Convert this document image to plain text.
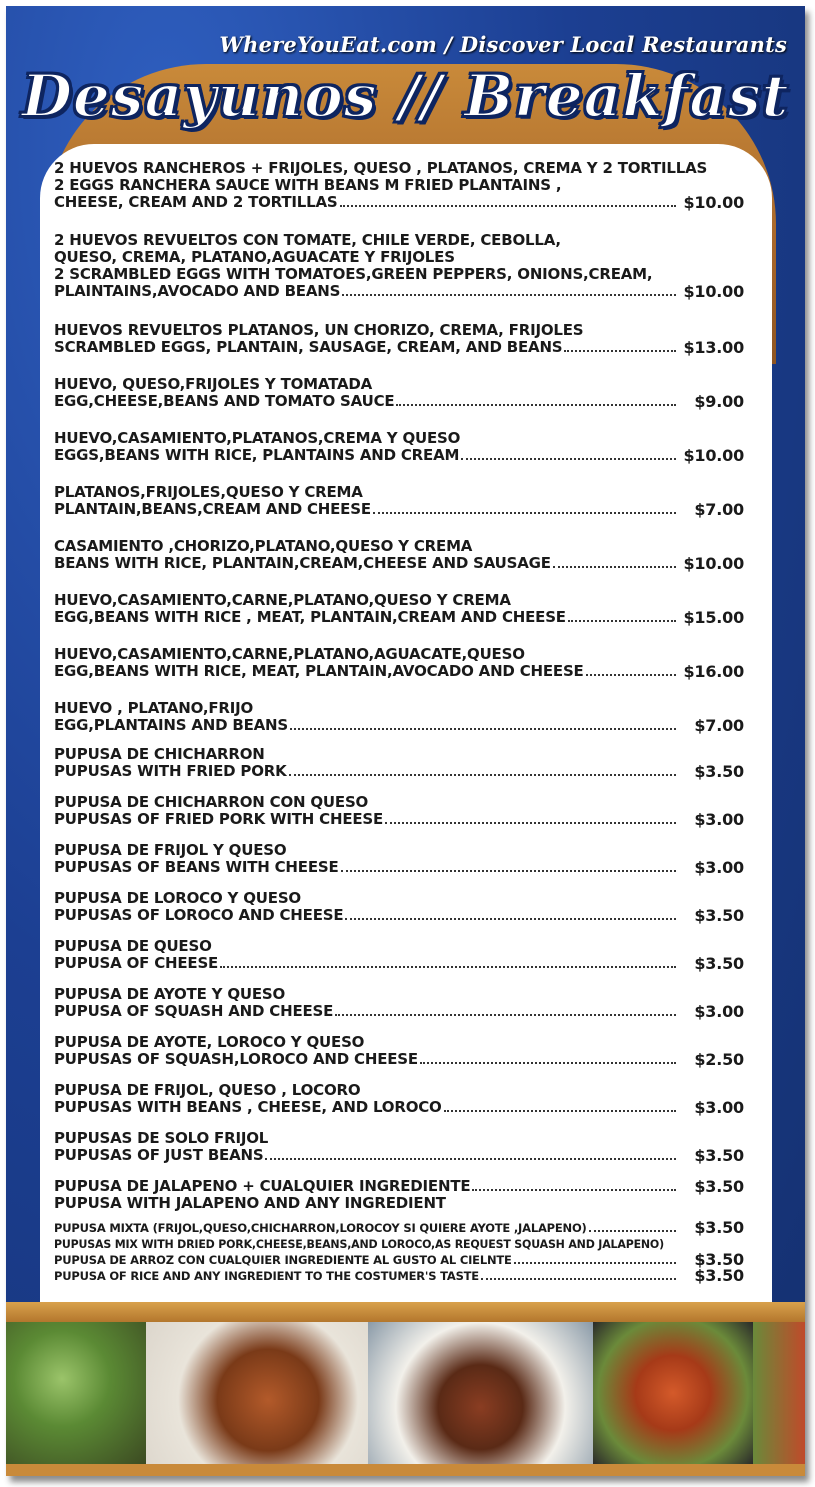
WhereYouEat.com / Discover Local Restaurants
Desayunos // Breakfast
2 HUEVOS RANCHEROS + FRIJOLES, QUESO , PLATANOS, CREMA Y 2 TORTILLAS
2 EGGS RANCHERA SAUCE WITH BEANS M FRIED PLANTAINS ,
CHEESE, CREAM AND 2 TORTILLAS	$10.00
2 HUEVOS REVUELTOS CON TOMATE, CHILE VERDE, CEBOLLA,
QUESO, CREMA, PLATANO,AGUACATE Y FRIJOLES
2 SCRAMBLED EGGS WITH TOMATOES,GREEN PEPPERS, ONIONS,CREAM,
PLAINTAINS,AVOCADO AND BEANS	$10.00
HUEVOS REVUELTOS PLATANOS, UN CHORIZO, CREMA, FRIJOLES
SCRAMBLED EGGS, PLANTAIN, SAUSAGE, CREAM, AND BEANS	$13.00
HUEVO, QUESO,FRIJOLES Y TOMATADA
EGG,CHEESE,BEANS AND TOMATO SAUCE	$9.00
HUEVO,CASAMIENTO,PLATANOS,CREMA Y QUESO
EGGS,BEANS WITH RICE, PLANTAINS AND CREAM	$10.00
PLATANOS,FRIJOLES,QUESO Y CREMA
PLANTAIN,BEANS,CREAM AND CHEESE	$7.00
CASAMIENTO ,CHORIZO,PLATANO,QUESO Y CREMA
BEANS WITH RICE, PLANTAIN,CREAM,CHEESE AND SAUSAGE	$10.00
HUEVO,CASAMIENTO,CARNE,PLATANO,QUESO Y CREMA
EGG,BEANS WITH RICE , MEAT, PLANTAIN,CREAM AND CHEESE	$15.00
HUEVO,CASAMIENTO,CARNE,PLATANO,AGUACATE,QUESO
EGG,BEANS WITH RICE, MEAT, PLANTAIN,AVOCADO AND CHEESE	$16.00
HUEVO , PLATANO,FRIJO
EGG,PLANTAINS AND BEANS	$7.00
PUPUSA DE CHICHARRON
PUPUSAS WITH FRIED PORK	$3.50
PUPUSA DE CHICHARRON CON QUESO
PUPUSAS OF FRIED PORK WITH CHEESE	$3.00
PUPUSA DE FRIJOL Y QUESO
PUPUSAS OF BEANS WITH CHEESE	$3.00
PUPUSA DE LOROCO Y QUESO
PUPUSAS OF LOROCO AND CHEESE	$3.50
PUPUSA DE QUESO
PUPUSA OF CHEESE	$3.50
PUPUSA DE AYOTE Y QUESO
PUPUSA OF SQUASH AND CHEESE	$3.00
PUPUSA DE AYOTE, LOROCO Y QUESO
PUPUSAS OF SQUASH,LOROCO AND CHEESE	$2.50
PUPUSA DE FRIJOL, QUESO , LOCORO
PUPUSAS WITH BEANS , CHEESE, AND LOROCO	$3.00
PUPUSAS DE SOLO FRIJOL
PUPUSAS OF JUST BEANS	$3.50
PUPUSA DE JALAPENO + CUALQUIER INGREDIENTE	$3.50
PUPUSA WITH JALAPENO AND ANY INGREDIENT
PUPUSA MIXTA (FRIJOL,QUESO,CHICHARRON,LOROCOY SI QUIERE AYOTE ,JALAPENO)	$3.50
PUPUSAS MIX WITH DRIED PORK,CHEESE,BEANS,AND LOROCO,AS REQUEST SQUASH AND JALAPENO)
PUPUSA DE ARROZ CON CUALQUIER INGREDIENTE AL GUSTO AL CIELNTE	$3.50
PUPUSA OF RICE AND ANY INGREDIENT TO THE COSTUMER'S TASTE	$3.50
